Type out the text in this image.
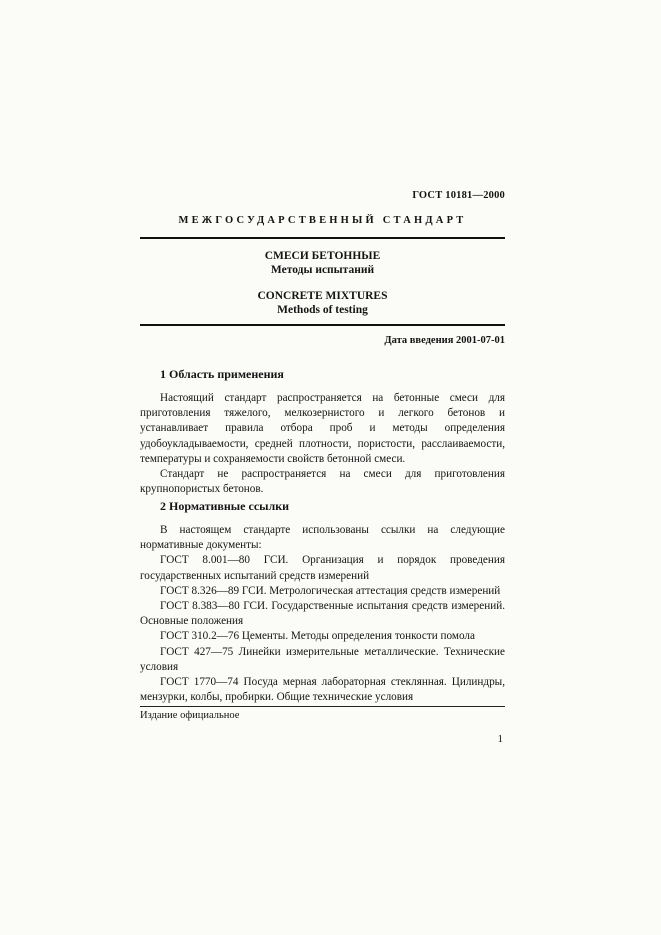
ГОСТ 10181—2000
МЕЖГОСУДАРСТВЕННЫЙ СТАНДАРТ
СМЕСИ БЕТОННЫЕ
Методы испытаний
CONCRETE MIXTURES
Methods of testing
Дата введения 2001-07-01
1 Область применения

Настоящий стандарт распространяется на бетонные смеси для приготовления тяжелого, мелкозернистого и легкого бетонов и устанавливает правила отбора проб и методы определения удобоукладываемости, средней плотности, пористости, расслаиваемости, температуры и сохраняемости свойств бетонной смеси.

Стандарт не распространяется на смеси для приготовления крупнопористых бетонов.

2 Нормативные ссылки

В настоящем стандарте использованы ссылки на следующие нормативные документы:

ГОСТ 8.001—80 ГСИ. Организация и порядок проведения государственных испытаний средств измерений

ГОСТ 8.326—89 ГСИ. Метрологическая аттестация средств измерений

ГОСТ 8.383—80 ГСИ. Государственные испытания средств измерений. Основные положения

ГОСТ 310.2—76 Цементы. Методы определения тонкости помола

ГОСТ 427—75 Линейки измерительные металлические. Технические условия

ГОСТ 1770—74 Посуда мерная лабораторная стеклянная. Цилиндры, мензурки, колбы, пробирки. Общие технические условия

Издание официальное
1
